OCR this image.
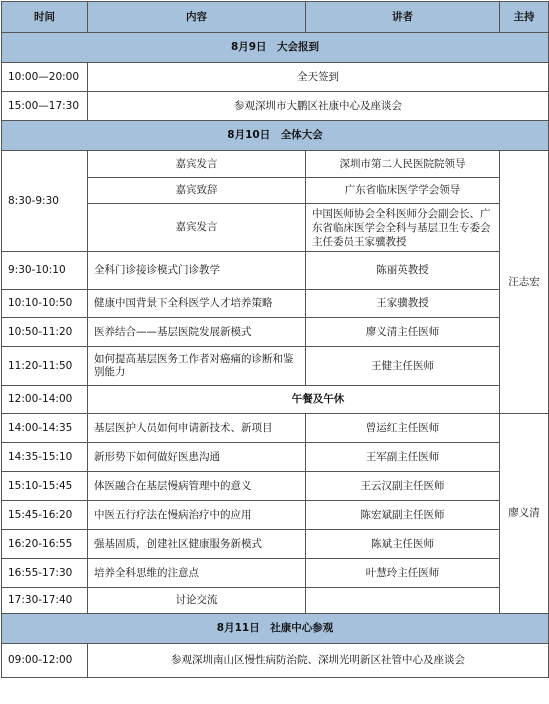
时间	内容	讲者	主持
8月9日　大会报到			
10:00—20:00	全天签到		
15:00—17:30	参观深圳市大鹏区社康中心及座谈会		
8月10日　全体大会			
8:30-9:30	嘉宾发言	深圳市第二人民医院院领导	汪志宏
	嘉宾致辞	广东省临床医学学会领导	
	嘉宾发言	中国医师协会全科医师分会副会长、广东省临床医学会全科与基层卫生专委会主任委员王家骥教授	
9:30-10:10	全科门诊接诊模式门诊教学	陈丽英教授	
10:10-10:50	健康中国背景下全科医学人才培养策略	王家骥教授	
10:50-11:20	医养结合——基层医院发展新模式	廖义清主任医师	
11:20-11:50	如何提高基层医务工作者对癌痛的诊断和鉴别能力	王健主任医师	
12:00-14:00	午餐及午休		
14:00-14:35	基层医护人员如何申请新技术、新项目	曾运红主任医师	廖义清
14:35-15:10	新形势下如何做好医患沟通	王军副主任医师	
15:10-15:45	体医融合在基层慢病管理中的意义	王云汉副主任医师	
15:45-16:20	中医五行疗法在慢病治疗中的应用	陈宏斌副主任医师	
16:20-16:55	强基固质，创建社区健康服务新模式	陈斌主任医师	
16:55-17:30	培养全科思维的注意点	叶慧玲主任医师	
17:30-17:40	讨论交流		
8月11日　社康中心参观			
09:00-12:00	参观深圳南山区慢性病防治院、深圳光明新区社管中心及座谈会		
